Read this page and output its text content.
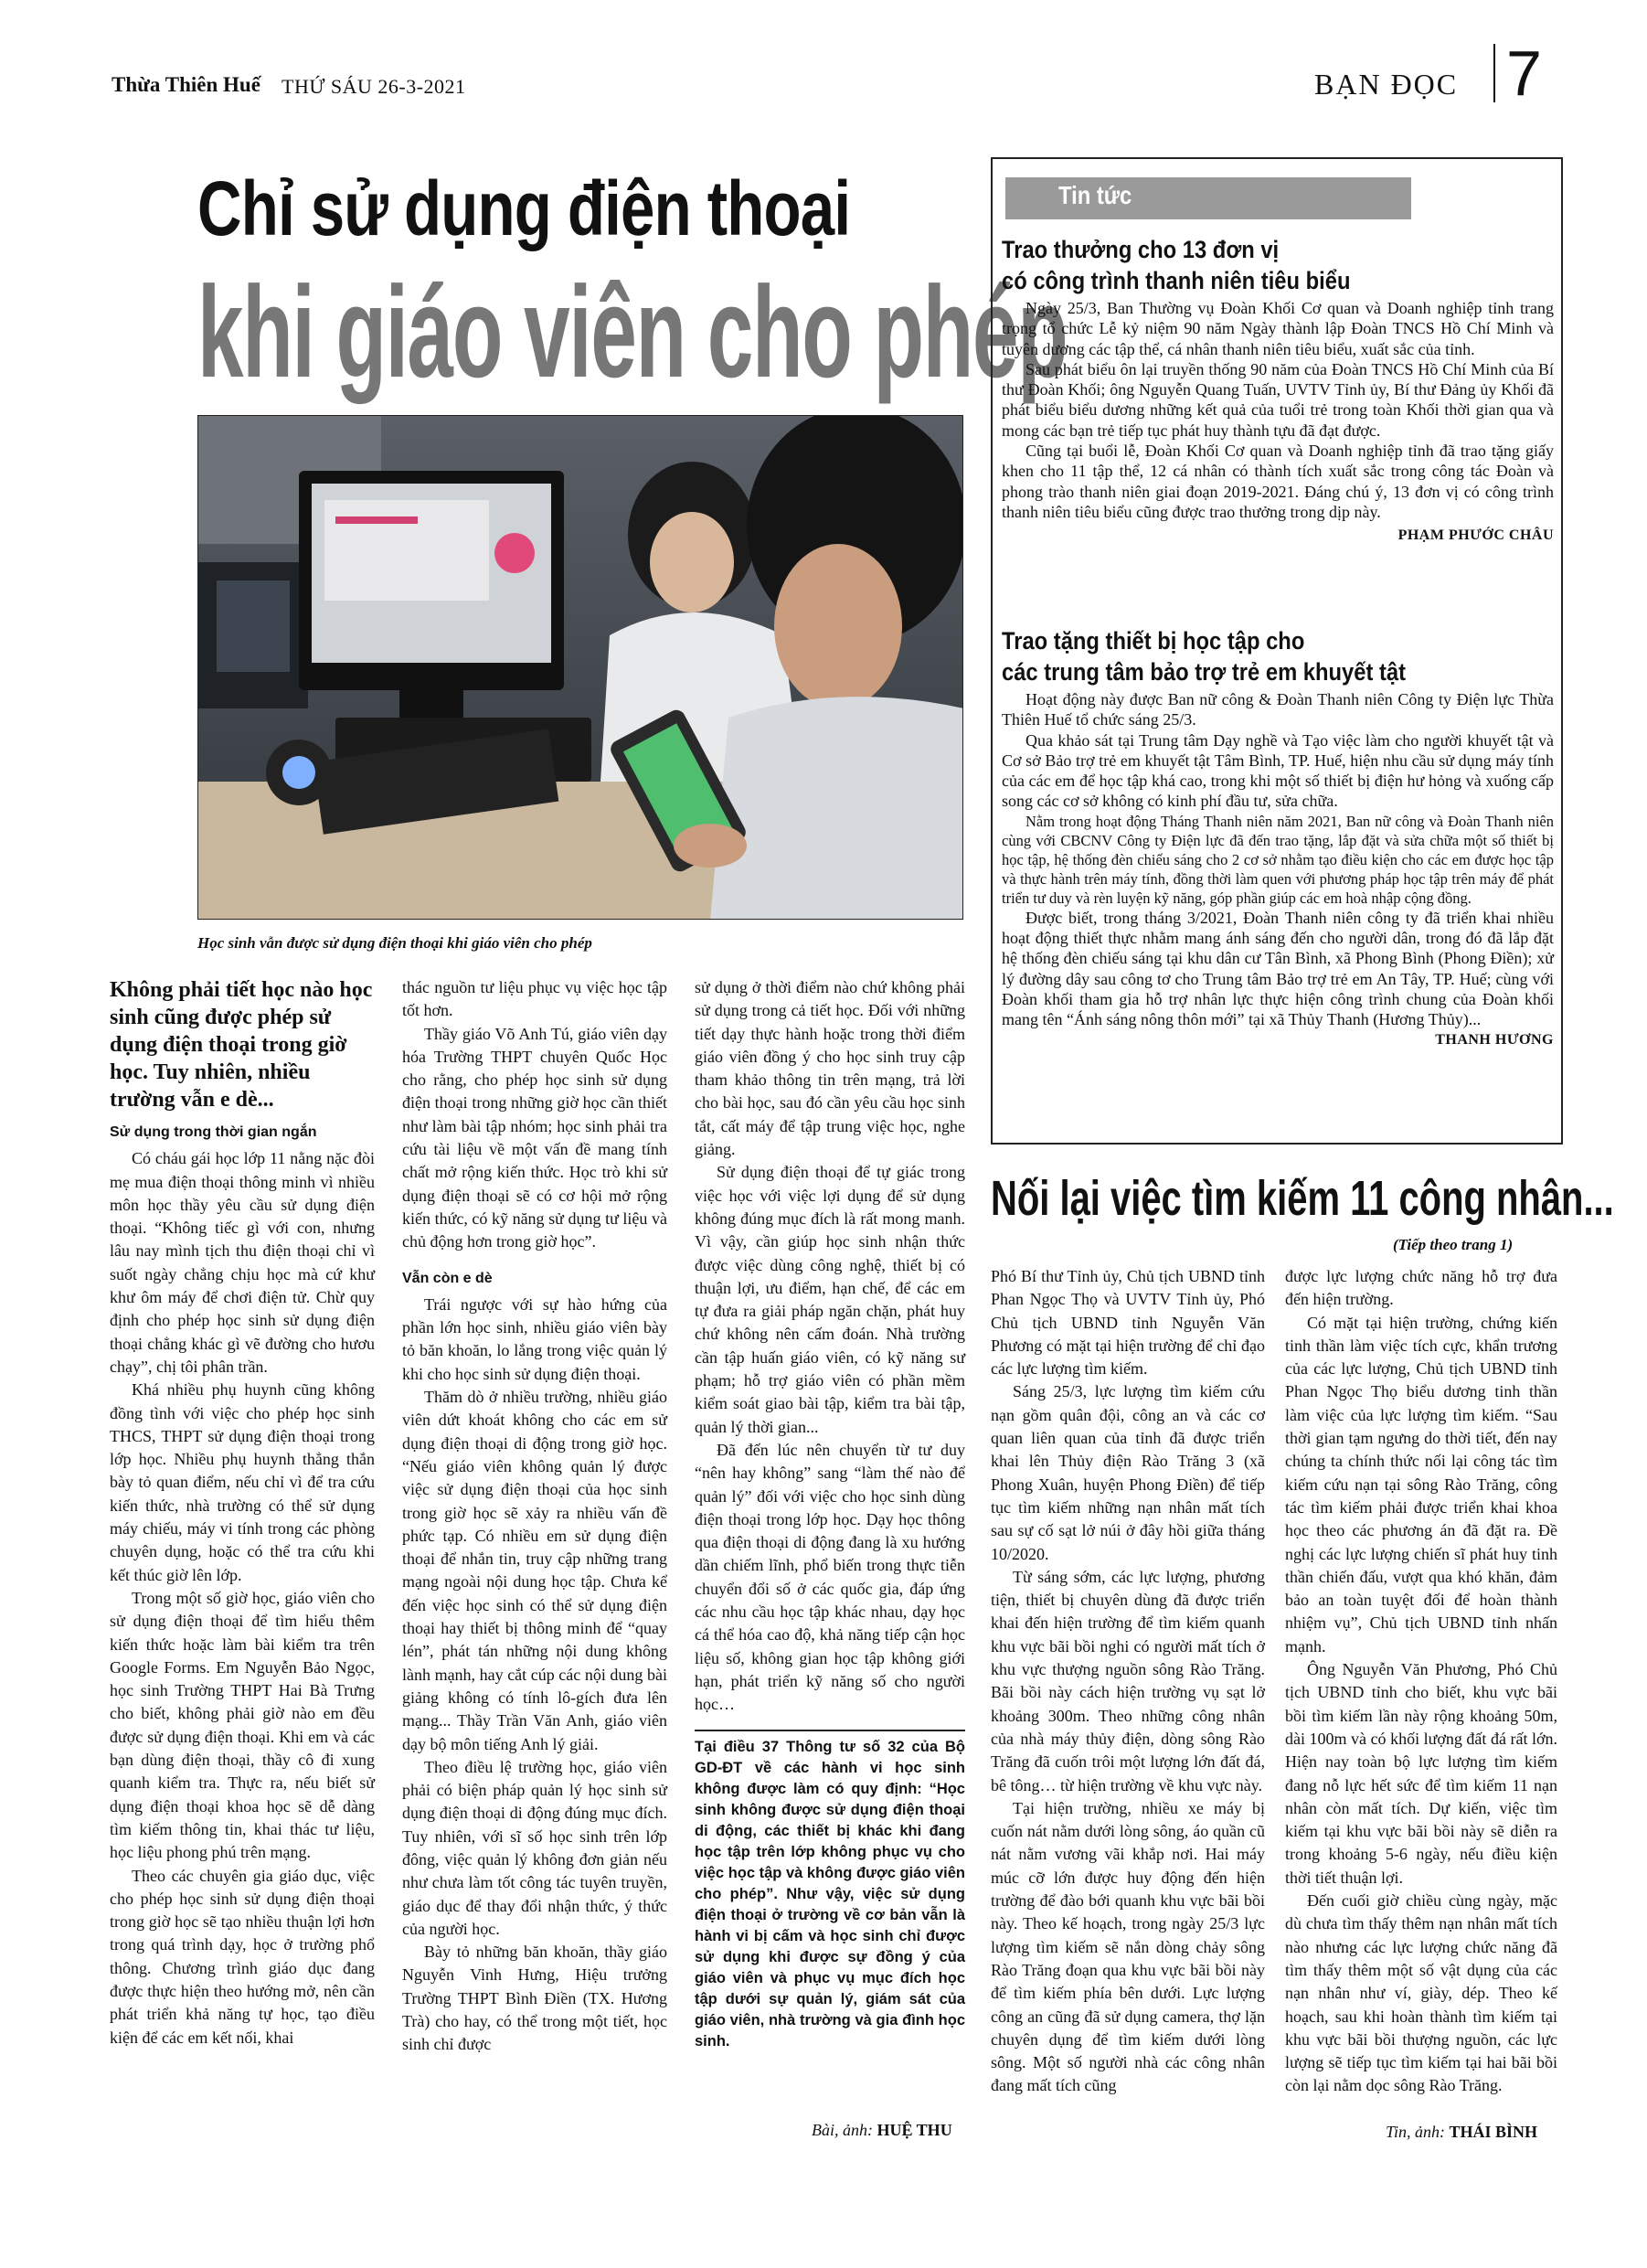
Thừa Thiên Huế THỨ SÁU 26-3-2021	BẠN ĐỌC 7
Chỉ sử dụng điện thoại
khi giáo viên cho phép
Học sinh vẫn được sử dụng điện thoại khi giáo viên cho phép
Không phải tiết học nào học sinh cũng được phép sử dụng điện thoại trong giờ học. Tuy nhiên, nhiều trường vẫn e dè...
Sử dụng trong thời gian ngắn

Có cháu gái học lớp 11 nằng nặc đòi mẹ mua điện thoại thông minh vì nhiều môn học thầy yêu cầu sử dụng điện thoại. “Không tiếc gì với con, nhưng lâu nay mình tịch thu điện thoại chỉ vì suốt ngày chẳng chịu học mà cứ khư khư ôm máy để chơi điện tử. Chừ quy định cho phép học sinh sử dụng điện thoại chẳng khác gì vẽ đường cho hươu chạy”, chị tôi phân trần.

Khá nhiều phụ huynh cũng không đồng tình với việc cho phép học sinh THCS, THPT sử dụng điện thoại trong lớp học. Nhiều phụ huynh thẳng thắn bày tỏ quan điểm, nếu chỉ vì để tra cứu kiến thức, nhà trường có thể sử dụng máy chiếu, máy vi tính trong các phòng chuyên dụng, hoặc có thể tra cứu khi kết thúc giờ lên lớp.

Trong một số giờ học, giáo viên cho sử dụng điện thoại để tìm hiểu thêm kiến thức hoặc làm bài kiểm tra trên Google Forms. Em Nguyễn Bảo Ngọc, học sinh Trường THPT Hai Bà Trưng cho biết, không phải giờ nào em đều được sử dụng điện thoại. Khi em và các bạn dùng điện thoại, thầy cô đi xung quanh kiểm tra. Thực ra, nếu biết sử dụng điện thoại khoa học sẽ dễ dàng tìm kiếm thông tin, khai thác tư liệu, học liệu phong phú trên mạng.

Theo các chuyên gia giáo dục, việc cho phép học sinh sử dụng điện thoại trong giờ học sẽ tạo nhiều thuận lợi hơn trong quá trình dạy, học ở trường phổ thông. Chương trình giáo dục đang được thực hiện theo hướng mở, nên cần phát triển khả năng tự học, tạo điều kiện để các em kết nối, khai

thác nguồn tư liệu phục vụ việc học tập tốt hơn.

Thầy giáo Võ Anh Tú, giáo viên dạy hóa Trường THPT chuyên Quốc Học cho rằng, cho phép học sinh sử dụng điện thoại trong những giờ học cần thiết như làm bài tập nhóm; học sinh phải tra cứu tài liệu về một vấn đề mang tính chất mở rộng kiến thức. Học trò khi sử dụng điện thoại sẽ có cơ hội mở rộng kiến thức, có kỹ năng sử dụng tư liệu và chủ động hơn trong giờ học”.

Vẫn còn e dè

Trái ngược với sự hào hứng của phần lớn học sinh, nhiều giáo viên bày tỏ băn khoăn, lo lắng trong việc quản lý khi cho học sinh sử dụng điện thoại.

Thăm dò ở nhiều trường, nhiều giáo viên dứt khoát không cho các em sử dụng điện thoại di động trong giờ học. “Nếu giáo viên không quản lý được việc sử dụng điện thoại của học sinh trong giờ học sẽ xảy ra nhiều vấn đề phức tạp. Có nhiều em sử dụng điện thoại để nhắn tin, truy cập những trang mạng ngoài nội dung học tập. Chưa kể đến việc học sinh có thể sử dụng điện thoại hay thiết bị thông minh để “quay lén”, phát tán những nội dung không lành mạnh, hay cắt cúp các nội dung bài giảng không có tính lô-gích đưa lên mạng... Thầy Trần Văn Anh, giáo viên dạy bộ môn tiếng Anh lý giải.

Theo điều lệ trường học, giáo viên phải có biện pháp quản lý học sinh sử dụng điện thoại di động đúng mục đích. Tuy nhiên, với sĩ số học sinh trên lớp đông, việc quản lý không đơn giản nếu như chưa làm tốt công tác tuyên truyền, giáo dục để thay đổi nhận thức, ý thức của người học.

Bày tỏ những băn khoăn, thầy giáo Nguyễn Vinh Hưng, Hiệu trưởng Trường THPT Bình Điền (TX. Hương Trà) cho hay, có thể trong một tiết, học sinh chỉ được

sử dụng ở thời điểm nào chứ không phải sử dụng trong cả tiết học. Đối với những tiết dạy thực hành hoặc trong thời điểm giáo viên đồng ý cho học sinh truy cập tham khảo thông tin trên mạng, trả lời cho bài học, sau đó cần yêu cầu học sinh tắt, cất máy để tập trung việc học, nghe giảng.

Sử dụng điện thoại để tự giác trong việc học với việc lợi dụng để sử dụng không đúng mục đích là rất mong manh. Vì vậy, cần giúp học sinh nhận thức được việc dùng công nghệ, thiết bị có thuận lợi, ưu điểm, hạn chế, để các em tự đưa ra giải pháp ngăn chặn, phát huy chứ không nên cấm đoán. Nhà trường cần tập huấn giáo viên, có kỹ năng sư phạm; hỗ trợ giáo viên có phần mềm kiểm soát giao bài tập, kiểm tra bài tập, quản lý thời gian...

Đã đến lúc nên chuyển từ tư duy “nên hay không” sang “làm thế nào để quản lý” đối với việc cho học sinh dùng điện thoại trong lớp học. Dạy học thông qua điện thoại di động đang là xu hướng dần chiếm lĩnh, phổ biến trong thực tiễn chuyển đổi số ở các quốc gia, đáp ứng các nhu cầu học tập khác nhau, dạy học cá thể hóa cao độ, khả năng tiếp cận học liệu số, không gian học tập không giới hạn, phát triển kỹ năng số cho người học…

Tại điều 37 Thông tư số 32 của Bộ GD-ĐT về các hành vi học sinh không được làm có quy định: “Học sinh không được sử dụng điện thoại di động, các thiết bị khác khi đang học tập trên lớp không phục vụ cho việc học tập và không được giáo viên cho phép”. Như vậy, việc sử dụng điện thoại ở trường về cơ bản vẫn là hành vi bị cấm và học sinh chỉ được sử dụng khi được sự đồng ý của giáo viên và phục vụ mục đích học tập dưới sự quản lý, giám sát của giáo viên, nhà trường và gia đình học sinh.
Bài, ảnh: HUỆ THU
Tin tức
Trao thưởng cho 13 đơn vị
có công trình thanh niên tiêu biểu

Ngày 25/3, Ban Thường vụ Đoàn Khối Cơ quan và Doanh nghiệp tỉnh trang trọng tổ chức Lễ kỷ niệm 90 năm Ngày thành lập Đoàn TNCS Hồ Chí Minh và tuyên dương các tập thể, cá nhân thanh niên tiêu biểu, xuất sắc của tỉnh.

Sau phát biểu ôn lại truyền thống 90 năm của Đoàn TNCS Hồ Chí Minh của Bí thư Đoàn Khối; ông Nguyễn Quang Tuấn, UVTV Tỉnh ủy, Bí thư Đảng ủy Khối đã phát biểu biểu dương những kết quả của tuổi trẻ trong toàn Khối thời gian qua và mong các bạn trẻ tiếp tục phát huy thành tựu đã đạt được.

Cũng tại buổi lễ, Đoàn Khối Cơ quan và Doanh nghiệp tỉnh đã trao tặng giấy khen cho 11 tập thể, 12 cá nhân có thành tích xuất sắc trong công tác Đoàn và phong trào thanh niên giai đoạn 2019-2021. Đáng chú ý, 13 đơn vị có công trình thanh niên tiêu biểu cũng được trao thưởng trong dịp này.

PHẠM PHƯỚC CHÂU
Trao tặng thiết bị học tập cho
các trung tâm bảo trợ trẻ em khuyết tật

Hoạt động này được Ban nữ công & Đoàn Thanh niên Công ty Điện lực Thừa Thiên Huế tổ chức sáng 25/3.

Qua khảo sát tại Trung tâm Dạy nghề và Tạo việc làm cho người khuyết tật và Cơ sở Bảo trợ trẻ em khuyết tật Tâm Bình, TP. Huế, hiện nhu cầu sử dụng máy tính của các em để học tập khá cao, trong khi một số thiết bị điện hư hỏng và xuống cấp song các cơ sở không có kinh phí đầu tư, sửa chữa.

Nằm trong hoạt động Tháng Thanh niên năm 2021, Ban nữ công và Đoàn Thanh niên cùng với CBCNV Công ty Điện lực đã đến trao tặng, lắp đặt và sửa chữa một số thiết bị học tập, hệ thống đèn chiếu sáng cho 2 cơ sở nhằm tạo điều kiện cho các em được học tập và thực hành trên máy tính, đồng thời làm quen với phương pháp học tập trên máy để phát triển tư duy và rèn luyện kỹ năng, góp phần giúp các em hoà nhập cộng đồng.

Được biết, trong tháng 3/2021, Đoàn Thanh niên công ty đã triển khai nhiều hoạt động thiết thực nhằm mang ánh sáng đến cho người dân, trong đó đã lắp đặt hệ thống đèn chiếu sáng tại khu dân cư Tân Bình, xã Phong Bình (Phong Điền); xử lý đường dây sau công tơ cho Trung tâm Bảo trợ trẻ em An Tây, TP. Huế; cùng với Đoàn khối tham gia hỗ trợ nhân lực thực hiện công trình chung của Đoàn khối mang tên “Ánh sáng nông thôn mới” tại xã Thủy Thanh (Hương Thủy)...

THANH HƯƠNG
Nối lại việc tìm kiếm 11 công nhân...
(Tiếp theo trang 1)

Phó Bí thư Tỉnh ủy, Chủ tịch UBND tỉnh Phan Ngọc Thọ và UVTV Tỉnh ủy, Phó Chủ tịch UBND tỉnh Nguyễn Văn Phương có mặt tại hiện trường để chỉ đạo các lực lượng tìm kiếm.

Sáng 25/3, lực lượng tìm kiếm cứu nạn gồm quân đội, công an và các cơ quan liên quan của tỉnh đã được triển khai lên Thủy điện Rào Trăng 3 (xã Phong Xuân, huyện Phong Điền) để tiếp tục tìm kiếm những nạn nhân mất tích sau sự cố sạt lở núi ở đây hồi giữa tháng 10/2020.

Từ sáng sớm, các lực lượng, phương tiện, thiết bị chuyên dùng đã được triển khai đến hiện trường để tìm kiếm quanh khu vực bãi bồi nghi có người mất tích ở khu vực thượng nguồn sông Rào Trăng. Bãi bồi này cách hiện trường vụ sạt lở khoảng 300m. Theo những công nhân của nhà máy thủy điện, dòng sông Rào Trăng đã cuốn trôi một lượng lớn đất đá, bê tông… từ hiện trường về khu vực này.

Tại hiện trường, nhiều xe máy bị cuốn nát nằm dưới lòng sông, áo quần cũ nát nằm vương vãi khắp nơi. Hai máy múc cỡ lớn được huy động đến hiện trường để đào bới quanh khu vực bãi bồi này. Theo kế hoạch, trong ngày 25/3 lực lượng tìm kiếm sẽ nắn dòng chảy sông Rào Trăng đoạn qua khu vực bãi bồi này để tìm kiếm phía bên dưới. Lực lượng công an cũng đã sử dụng camera, thợ lặn chuyên dụng để tìm kiếm dưới lòng sông. Một số người nhà các công nhân đang mất tích cũng

được lực lượng chức năng hỗ trợ đưa đến hiện trường.

Có mặt tại hiện trường, chứng kiến tinh thần làm việc tích cực, khẩn trương của các lực lượng, Chủ tịch UBND tỉnh Phan Ngọc Thọ biểu dương tinh thần làm việc của lực lượng tìm kiếm. “Sau thời gian tạm ngưng do thời tiết, đến nay chúng ta chính thức nối lại công tác tìm kiếm cứu nạn tại sông Rào Trăng, công tác tìm kiếm phải được triển khai khoa học theo các phương án đã đặt ra. Đề nghị các lực lượng chiến sĩ phát huy tinh thần chiến đấu, vượt qua khó khăn, đảm bảo an toàn tuyệt đối để hoàn thành nhiệm vụ”, Chủ tịch UBND tỉnh nhấn mạnh.

Ông Nguyễn Văn Phương, Phó Chủ tịch UBND tỉnh cho biết, khu vực bãi bồi tìm kiếm lần này rộng khoảng 50m, dài 100m và có khối lượng đất đá rất lớn. Hiện nay toàn bộ lực lượng tìm kiếm đang nỗ lực hết sức để tìm kiếm 11 nạn nhân còn mất tích. Dự kiến, việc tìm kiếm tại khu vực bãi bồi này sẽ diễn ra trong khoảng 5-6 ngày, nếu điều kiện thời tiết thuận lợi.

Đến cuối giờ chiều cùng ngày, mặc dù chưa tìm thấy thêm nạn nhân mất tích nào nhưng các lực lượng chức năng đã tìm thấy thêm một số vật dụng của các nạn nhân như ví, giày, dép. Theo kế hoạch, sau khi hoàn thành tìm kiếm tại khu vực bãi bồi thượng nguồn, các lực lượng sẽ tiếp tục tìm kiếm tại hai bãi bồi còn lại nằm dọc sông Rào Trăng.

Tin, ảnh: THÁI BÌNH
